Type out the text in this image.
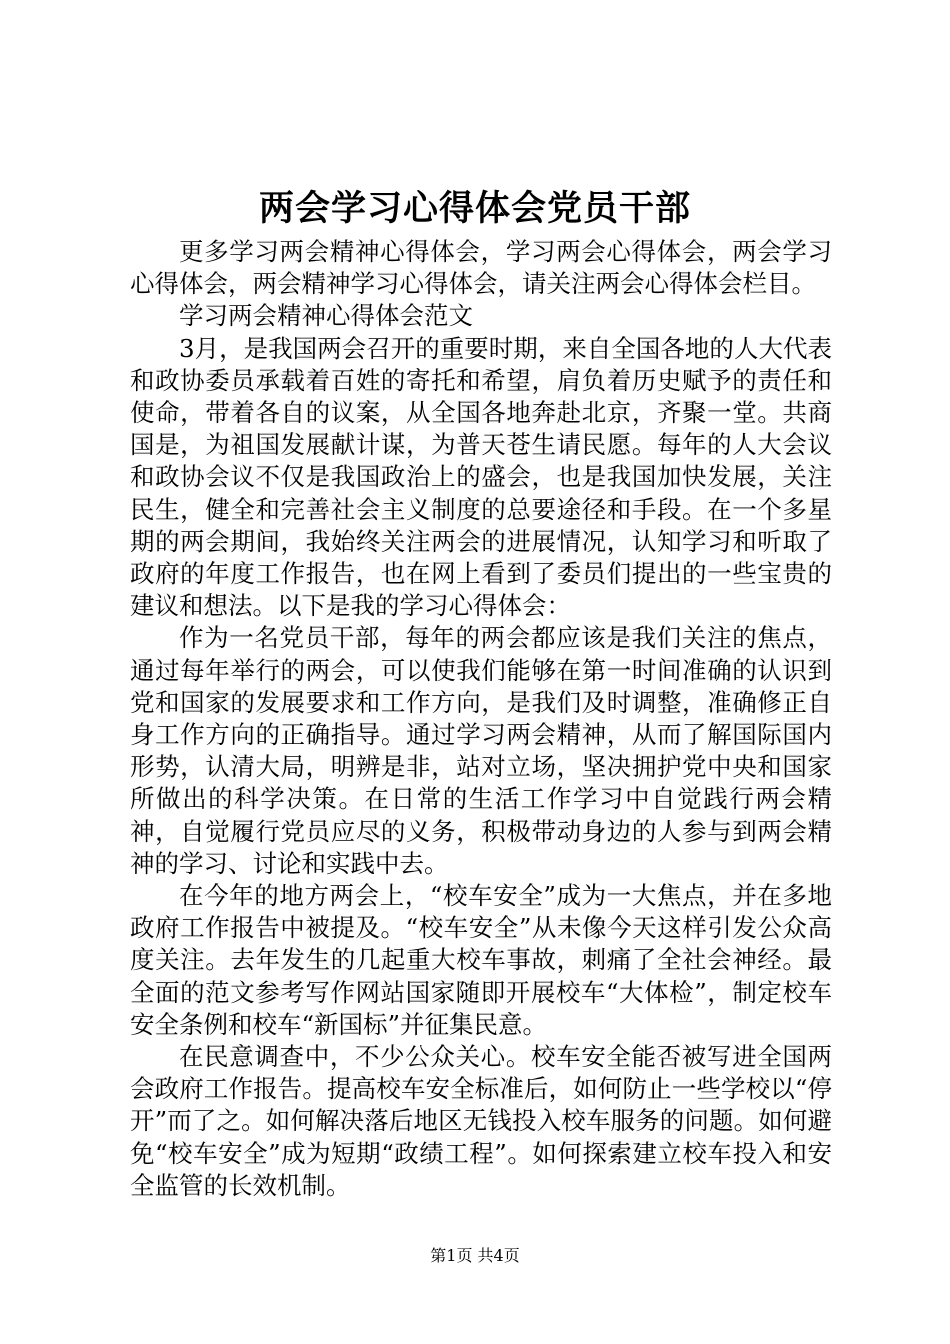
两会学习心得体会党员干部

更多学习两会精神心得体会，学习两会心得体会，两会学习心得体会，两会精神学习心得体会，请关注两会心得体会栏目。

学习两会精神心得体会范文

3月，是我国两会召开的重要时期，来自全国各地的人大代表和政协委员承载着百姓的寄托和希望，肩负着历史赋予的责任和使命，带着各自的议案，从全国各地奔赴北京，齐聚一堂。共商国是，为祖国发展献计谋，为普天苍生请民愿。每年的人大会议和政协会议不仅是我国政治上的盛会，也是我国加快发展，关注民生，健全和完善社会主义制度的总要途径和手段。在一个多星期的两会期间，我始终关注两会的进展情况，认知学习和听取了政府的年度工作报告，也在网上看到了委员们提出的一些宝贵的建议和想法。以下是我的学习心得体会：

作为一名党员干部，每年的两会都应该是我们关注的焦点，通过每年举行的两会，可以使我们能够在第一时间准确的认识到党和国家的发展要求和工作方向，是我们及时调整，准确修正自身工作方向的正确指导。通过学习两会精神，从而了解国际国内形势，认清大局，明辨是非，站对立场，坚决拥护党中央和国家所做出的科学决策。在日常的生活工作学习中自觉践行两会精神，自觉履行党员应尽的义务，积极带动身边的人参与到两会精神的学习、讨论和实践中去。

在今年的地方两会上，“校车安全”成为一大焦点，并在多地政府工作报告中被提及。“校车安全”从未像今天这样引发公众高度关注。去年发生的几起重大校车事故，刺痛了全社会神经。最全面的范文参考写作网站国家随即开展校车“大体检”，制定校车安全条例和校车“新国标”并征集民意。

在民意调查中，不少公众关心。校车安全能否被写进全国两会政府工作报告。提高校车安全标准后，如何防止一些学校以“停开”而了之。如何解决落后地区无钱投入校车服务的问题。如何避免“校车安全”成为短期“政绩工程”。如何探索建立校车投入和安全监管的长效机制。

第1页 共4页
